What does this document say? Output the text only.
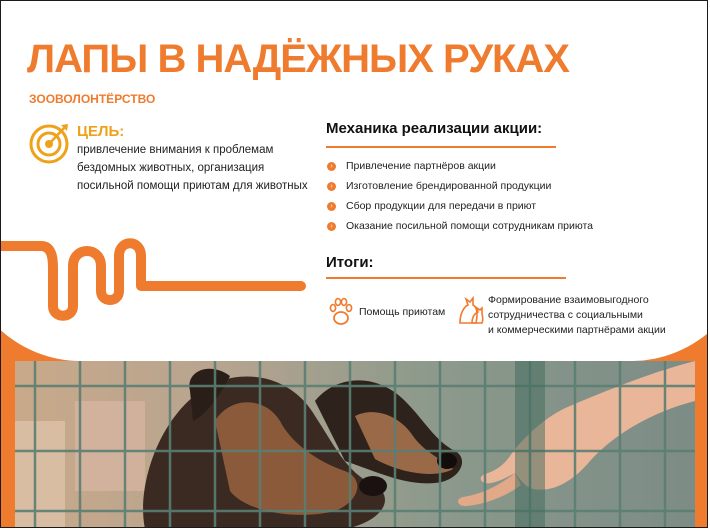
ЛАПЫ В НАДЁЖНЫХ РУКАХ
ЗООВОЛОНТЁРСТВО
ЦЕЛЬ:
привлечение внимания к проблемам
бездомных животных, организация
посильной помощи приютам для животных
Механика реализации акции:
›	Привлечение партнёров акции
›	Изготовление брендированной продукции
›	Сбор продукции для передачи в приют
›	Оказание посильной помощи сотрудникам приюта
Итоги:
Помощь приютам
Формирование взаимовыгодного
сотрудничества с социальными
и коммерческими партнёрами акции
